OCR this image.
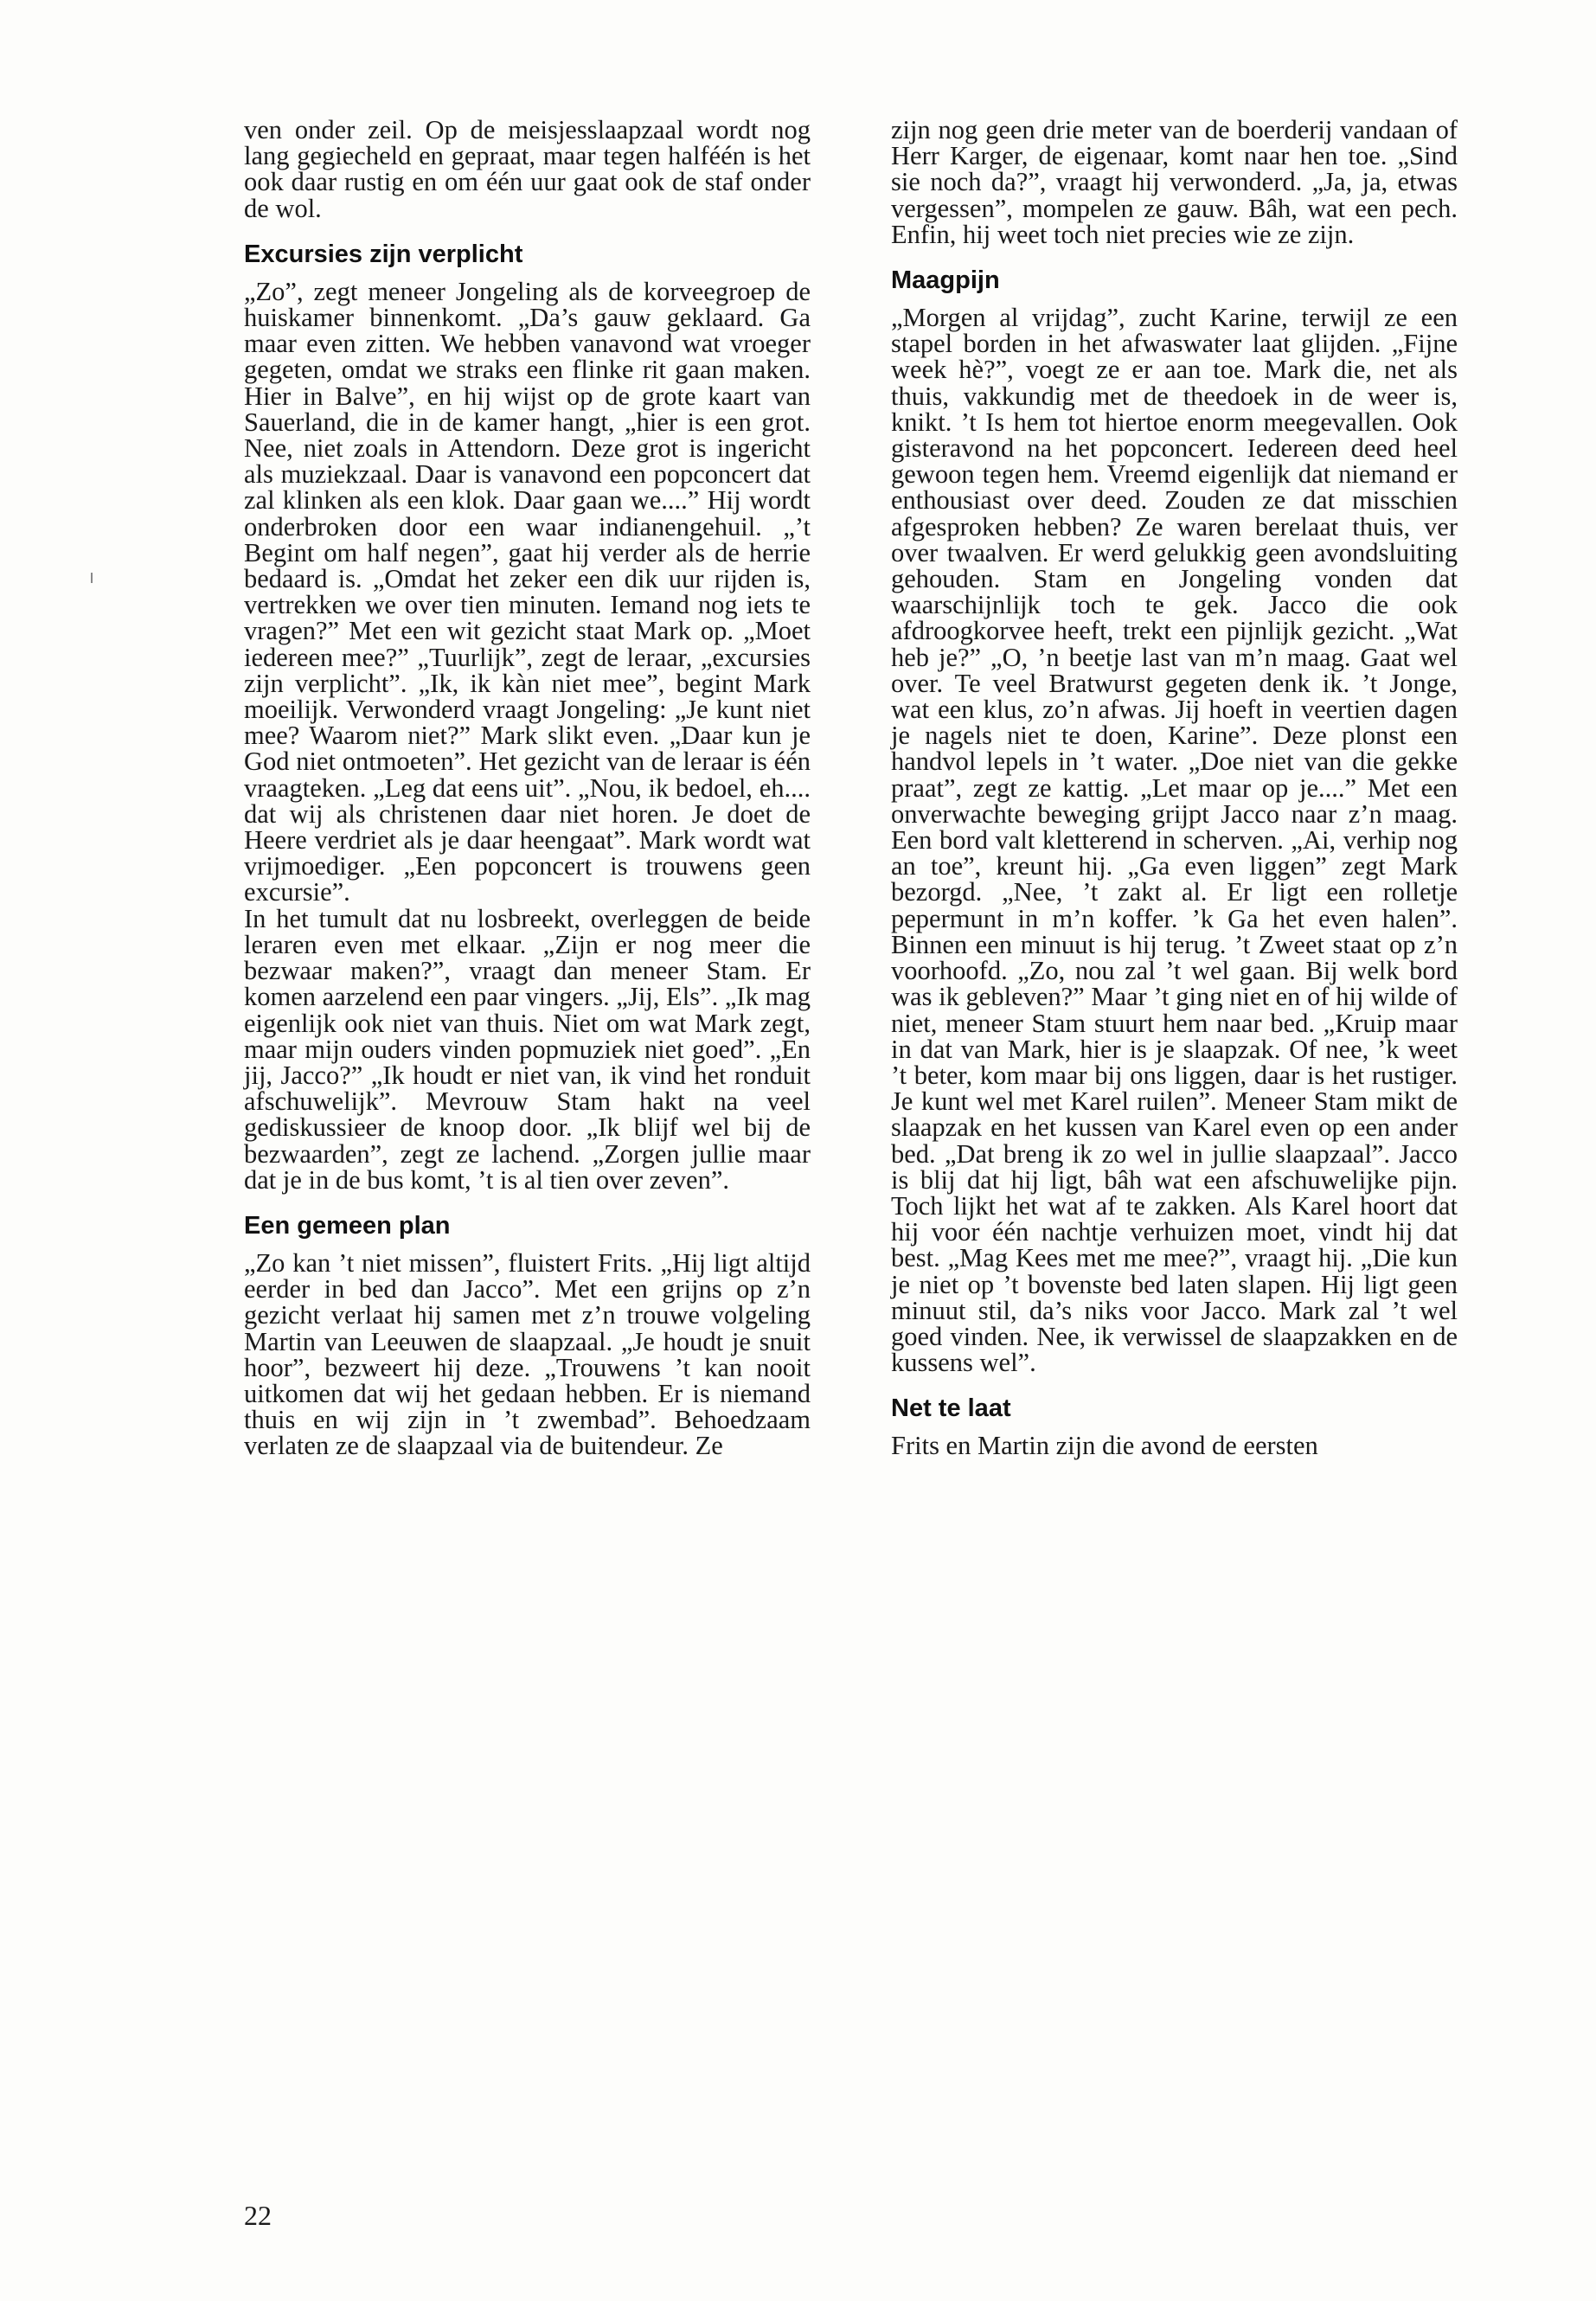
ven onder zeil. Op de meisjesslaapzaal wordt nog lang gegiecheld en gepraat, maar tegen halféén is het ook daar rustig en om één uur gaat ook de staf onder de wol.

Excursies zijn verplicht

„Zo”, zegt meneer Jongeling als de korveegroep de huiskamer binnenkomt. „Da’s gauw geklaard. Ga maar even zitten. We hebben vanavond wat vroeger gegeten, omdat we straks een flinke rit gaan maken. Hier in Balve”, en hij wijst op de grote kaart van Sauerland, die in de kamer hangt, „hier is een grot. Nee, niet zoals in Attendorn. Deze grot is ingericht als muziekzaal. Daar is vanavond een popconcert dat zal klinken als een klok. Daar gaan we....” Hij wordt onderbroken door een waar indianengehuil. „’t Begint om half negen”, gaat hij verder als de herrie bedaard is. „Omdat het zeker een dik uur rijden is, vertrekken we over tien minuten. Iemand nog iets te vragen?” Met een wit gezicht staat Mark op. „Moet iedereen mee?” „Tuurlijk”, zegt de leraar, „excursies zijn verplicht”. „Ik, ik kàn niet mee”, begint Mark moeilijk. Verwonderd vraagt Jongeling: „Je kunt niet mee? Waarom niet?” Mark slikt even. „Daar kun je God niet ontmoeten”. Het gezicht van de leraar is één vraagteken. „Leg dat eens uit”. „Nou, ik bedoel, eh.... dat wij als christenen daar niet horen. Je doet de Heere verdriet als je daar heengaat”. Mark wordt wat vrijmoediger. „Een popconcert is trouwens geen excursie”.

In het tumult dat nu losbreekt, overleggen de beide leraren even met elkaar. „Zijn er nog meer die bezwaar maken?”, vraagt dan meneer Stam. Er komen aarzelend een paar vingers. „Jij, Els”. „Ik mag eigenlijk ook niet van thuis. Niet om wat Mark zegt, maar mijn ouders vinden popmuziek niet goed”. „En jij, Jacco?” „Ik houdt er niet van, ik vind het ronduit afschuwelijk”. Mevrouw Stam hakt na veel gediskussieer de knoop door. „Ik blijf wel bij de bezwaarden”, zegt ze lachend. „Zorgen jullie maar dat je in de bus komt, ’t is al tien over zeven”.

Een gemeen plan

„Zo kan ’t niet missen”, fluistert Frits. „Hij ligt altijd eerder in bed dan Jacco”. Met een grijns op z’n gezicht verlaat hij samen met z’n trouwe volgeling Martin van Leeuwen de slaapzaal. „Je houdt je snuit hoor”, bezweert hij deze. „Trouwens ’t kan nooit uitkomen dat wij het gedaan hebben. Er is niemand thuis en wij zijn in ’t zwembad”. Behoedzaam verlaten ze de slaapzaal via de buitendeur. Ze

zijn nog geen drie meter van de boerderij vandaan of Herr Karger, de eigenaar, komt naar hen toe. „Sind sie noch da?”, vraagt hij verwonderd. „Ja, ja, etwas vergessen”, mompelen ze gauw. Bâh, wat een pech. Enfin, hij weet toch niet precies wie ze zijn.

Maagpijn

„Morgen al vrijdag”, zucht Karine, terwijl ze een stapel borden in het afwaswater laat glijden. „Fijne week hè?”, voegt ze er aan toe. Mark die, net als thuis, vakkundig met de theedoek in de weer is, knikt. ’t Is hem tot hiertoe enorm meegevallen. Ook gisteravond na het popconcert. Iedereen deed heel gewoon tegen hem. Vreemd eigenlijk dat niemand er enthousiast over deed. Zouden ze dat misschien afgesproken hebben? Ze waren berelaat thuis, ver over twaalven. Er werd gelukkig geen avondsluiting gehouden. Stam en Jongeling vonden dat waarschijnlijk toch te gek. Jacco die ook afdroogkorvee heeft, trekt een pijnlijk gezicht. „Wat heb je?” „O, ’n beetje last van m’n maag. Gaat wel over. Te veel Bratwurst gegeten denk ik. ’t Jonge, wat een klus, zo’n afwas. Jij hoeft in veertien dagen je nagels niet te doen, Karine”. Deze plonst een handvol lepels in ’t water. „Doe niet van die gekke praat”, zegt ze kattig. „Let maar op je....” Met een onverwachte beweging grijpt Jacco naar z’n maag. Een bord valt kletterend in scherven. „Ai, verhip nog an toe”, kreunt hij. „Ga even liggen” zegt Mark bezorgd. „Nee, ’t zakt al. Er ligt een rolletje pepermunt in m’n koffer. ’k Ga het even halen”. Binnen een minuut is hij terug. ’t Zweet staat op z’n voorhoofd. „Zo, nou zal ’t wel gaan. Bij welk bord was ik gebleven?” Maar ’t ging niet en of hij wilde of niet, meneer Stam stuurt hem naar bed. „Kruip maar in dat van Mark, hier is je slaapzak. Of nee, ’k weet ’t beter, kom maar bij ons liggen, daar is het rustiger. Je kunt wel met Karel ruilen”. Meneer Stam mikt de slaapzak en het kussen van Karel even op een ander bed. „Dat breng ik zo wel in jullie slaapzaal”. Jacco is blij dat hij ligt, bâh wat een afschuwelijke pijn. Toch lijkt het wat af te zakken. Als Karel hoort dat hij voor één nachtje verhuizen moet, vindt hij dat best. „Mag Kees met me mee?”, vraagt hij. „Die kun je niet op ’t bovenste bed laten slapen. Hij ligt geen minuut stil, da’s niks voor Jacco. Mark zal ’t wel goed vinden. Nee, ik verwissel de slaapzakken en de kussens wel”.

Net te laat

Frits en Martin zijn die avond de eersten

22
